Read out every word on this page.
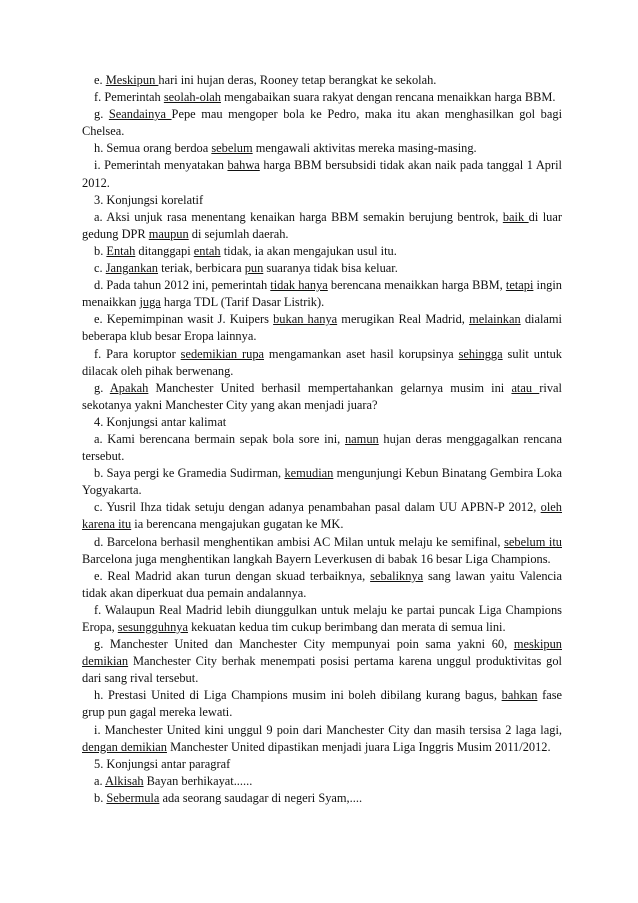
e. Meskipun hari ini hujan deras, Rooney tetap berangkat ke sekolah.

f. Pemerintah seolah-olah mengabaikan suara rakyat dengan rencana menaikkan harga BBM.

g. Seandainya Pepe mau mengoper bola ke Pedro, maka itu akan menghasilkan gol bagi Chelsea.

h. Semua orang berdoa sebelum mengawali aktivitas mereka masing-masing.

i. Pemerintah menyatakan bahwa harga BBM bersubsidi tidak akan naik pada tanggal 1 April 2012.

3. Konjungsi korelatif

a. Aksi unjuk rasa menentang kenaikan harga BBM semakin berujung bentrok, baik di luar gedung DPR maupun di sejumlah daerah.

b. Entah ditanggapi entah tidak, ia akan mengajukan usul itu.

c. Jangankan teriak, berbicara pun suaranya tidak bisa keluar.

d. Pada tahun 2012 ini, pemerintah tidak hanya berencana menaikkan harga BBM, tetapi ingin menaikkan juga harga TDL (Tarif Dasar Listrik).

e. Kepemimpinan wasit J. Kuipers bukan hanya merugikan Real Madrid, melainkan dialami beberapa klub besar Eropa lainnya.

f. Para koruptor sedemikian rupa mengamankan aset hasil korupsinya sehingga sulit untuk dilacak oleh pihak berwenang.

g. Apakah Manchester United berhasil mempertahankan gelarnya musim ini atau rival sekotanya yakni Manchester City yang akan menjadi juara?

4. Konjungsi antar kalimat

a. Kami berencana bermain sepak bola sore ini, namun hujan deras menggagalkan rencana tersebut.

b. Saya pergi ke Gramedia Sudirman, kemudian mengunjungi Kebun Binatang Gembira Loka Yogyakarta.

c. Yusril Ihza tidak setuju dengan adanya penambahan pasal dalam UU APBN-P 2012, oleh karena itu ia berencana mengajukan gugatan ke MK.

d. Barcelona berhasil menghentikan ambisi AC Milan untuk melaju ke semifinal, sebelum itu Barcelona juga menghentikan langkah Bayern Leverkusen di babak 16 besar Liga Champions.

e. Real Madrid akan turun dengan skuad terbaiknya, sebaliknya sang lawan yaitu Valencia tidak akan diperkuat dua pemain andalannya.

f. Walaupun Real Madrid lebih diunggulkan untuk melaju ke partai puncak Liga Champions Eropa, sesungguhnya kekuatan kedua tim cukup berimbang dan merata di semua lini.

g. Manchester United dan Manchester City mempunyai poin sama yakni 60, meskipun demikian Manchester City berhak menempati posisi pertama karena unggul produktivitas gol dari sang rival tersebut.

h. Prestasi United di Liga Champions musim ini boleh dibilang kurang bagus, bahkan fase grup pun gagal mereka lewati.

i. Manchester United kini unggul 9 poin dari Manchester City dan masih tersisa 2 laga lagi, dengan demikian Manchester United dipastikan menjadi juara Liga Inggris Musim 2011/2012.

5. Konjungsi antar paragraf

a. Alkisah Bayan berhikayat......

b. Sebermula ada seorang saudagar di negeri Syam,....
